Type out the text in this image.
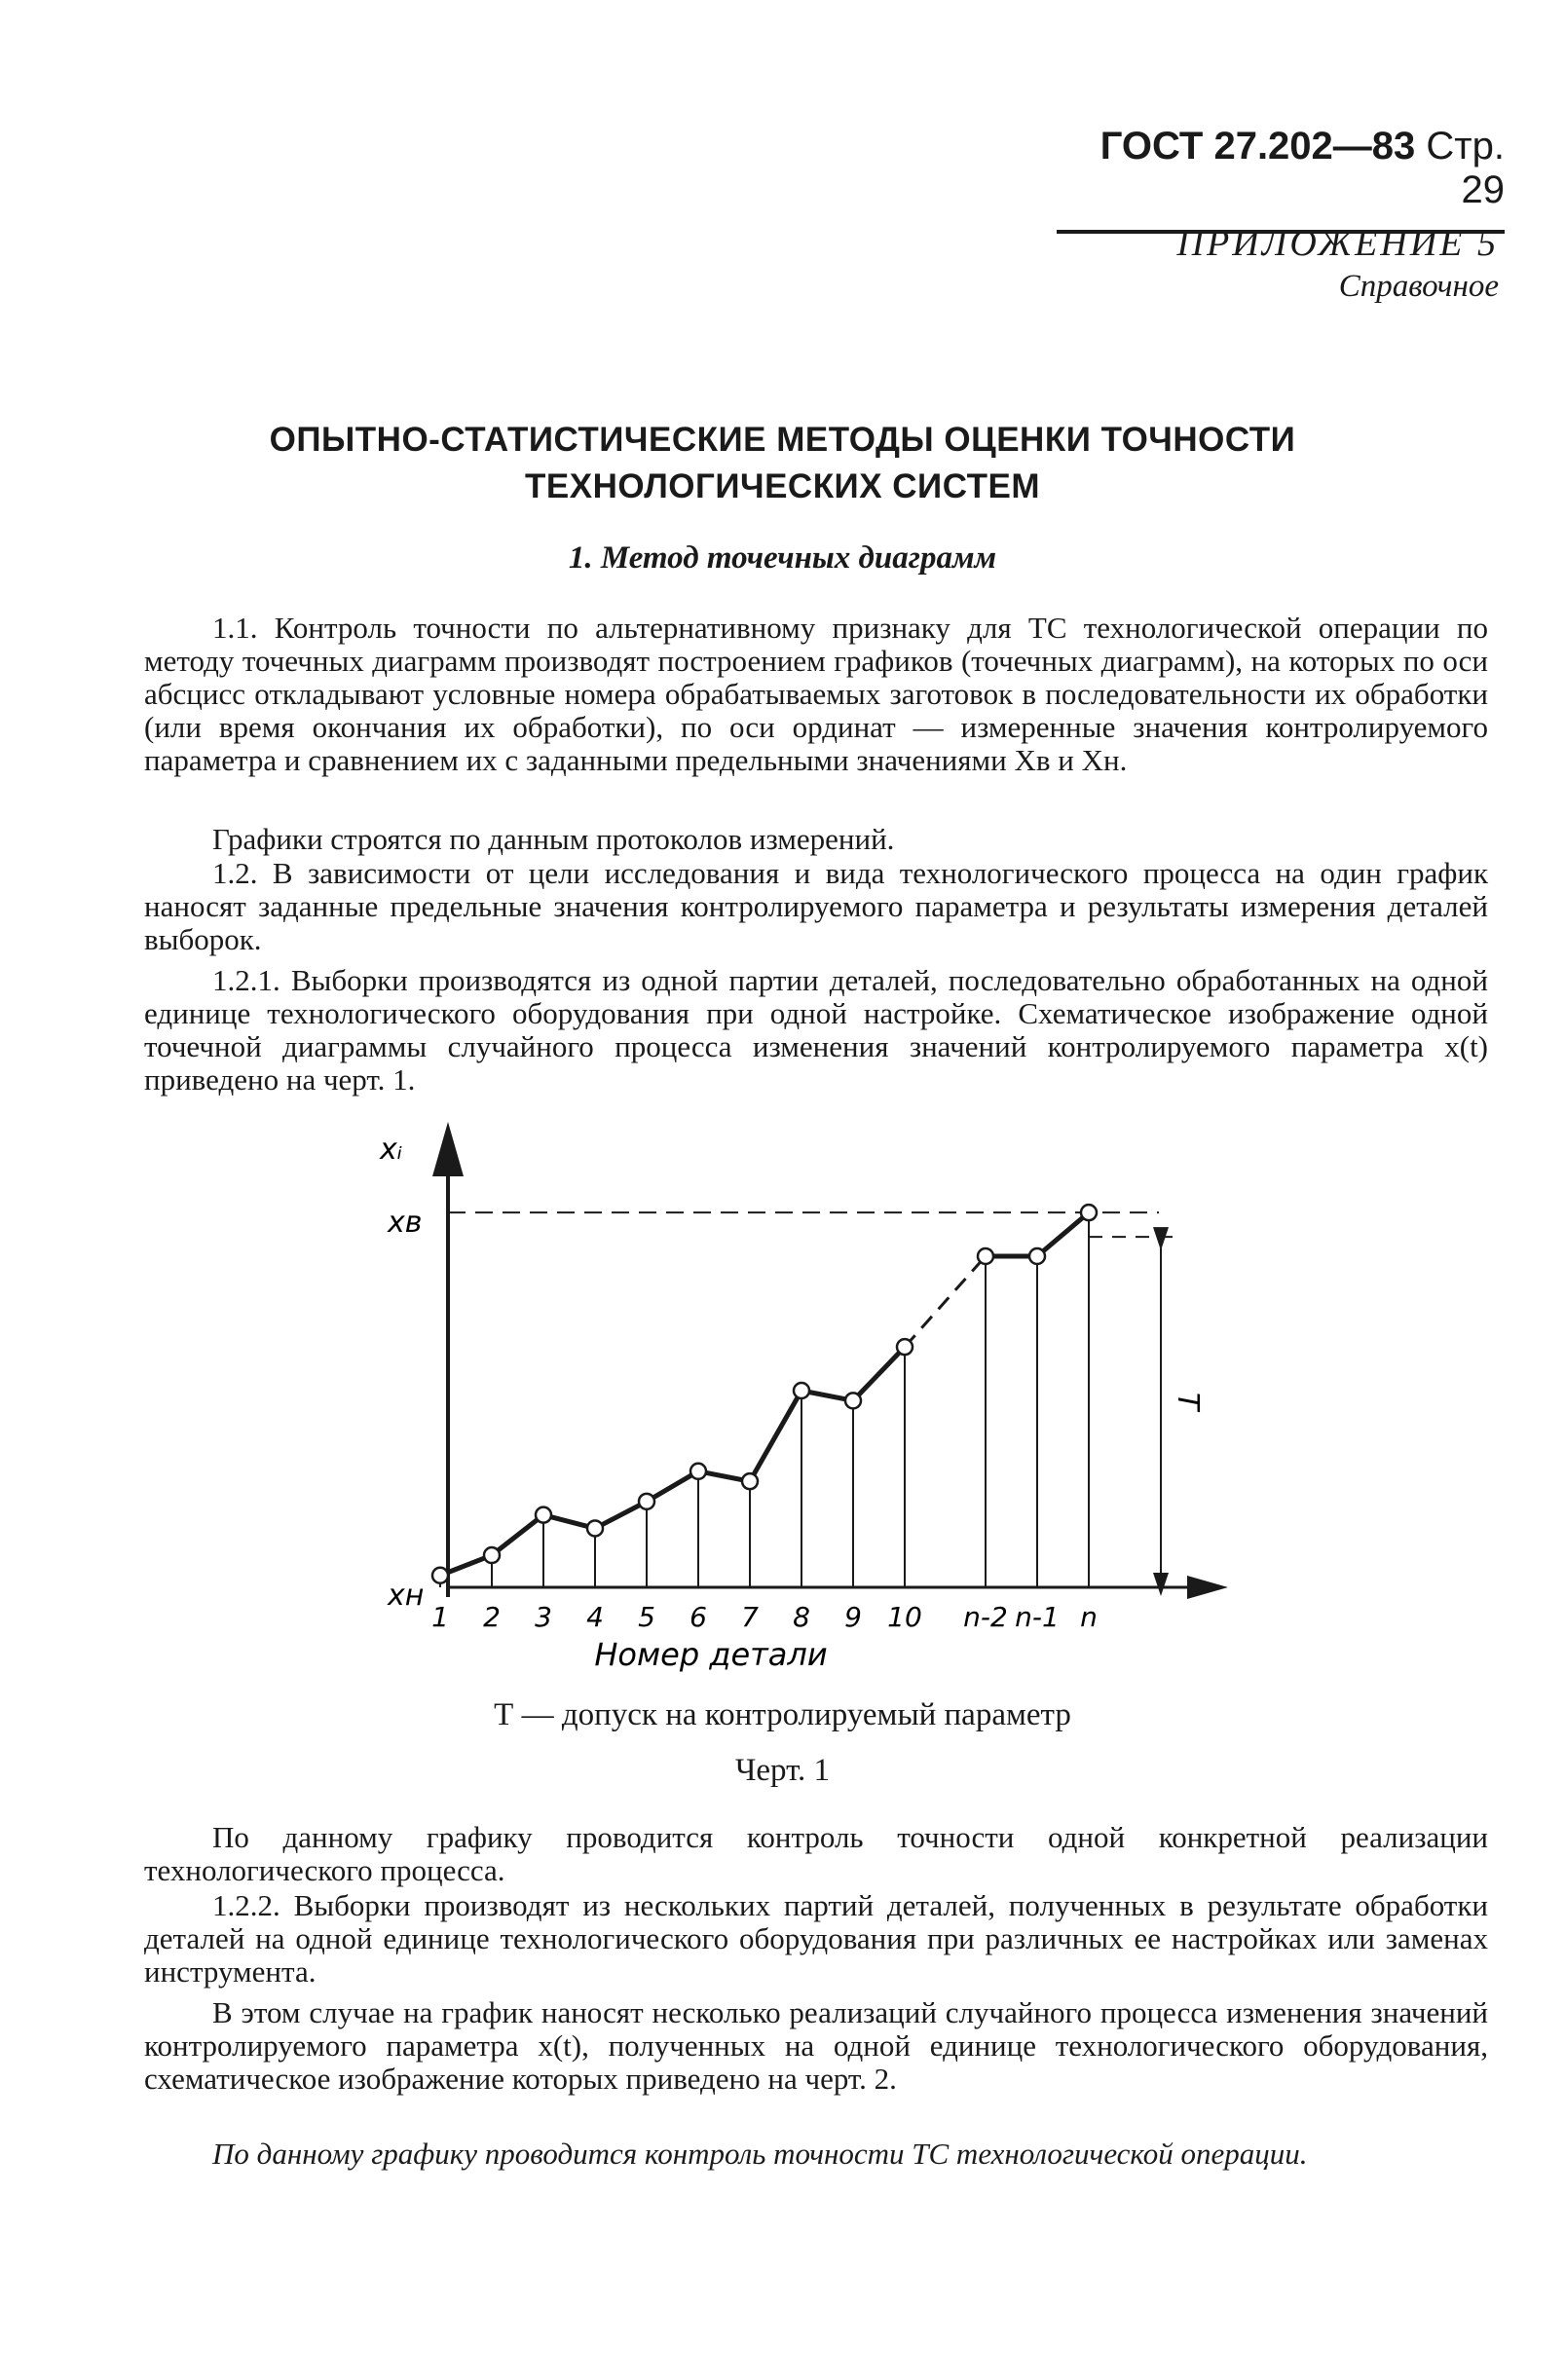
ГОСТ 27.202—83 Стр. 29
ПРИЛОЖЕНИЕ 5
Справочное
ОПЫТНО-СТАТИСТИЧЕСКИЕ МЕТОДЫ ОЦЕНКИ ТОЧНОСТИ
ТЕХНОЛОГИЧЕСКИХ СИСТЕМ
1. Метод точечных диаграмм

1.1. Контроль точности по альтернативному признаку для ТС технологической операции по методу точечных диаграмм производят построением графиков (точечных диаграмм), на которых по оси абсцисс откладывают условные номера обрабатываемых заготовок в последовательности их обработки (или время окончания их обработки), по оси ординат — измеренные значения контролируемого параметра и сравнением их с заданными предельными значениями Xв и Xн.

Графики строятся по данным протоколов измерений.

1.2. В зависимости от цели исследования и вида технологического процесса на один график наносят заданные предельные значения контролируемого параметра и результаты измерения деталей выборок.

1.2.1. Выборки производятся из одной партии деталей, последовательно обработанных на одной единице технологического оборудования при одной настройке. Схематическое изображение одной точечной диаграммы случайного процесса изменения значений контролируемого параметра x(t) приведено на черт. 1.

xᵢ
xв
xн
Т
1 2 3 4 5 6 7 8 9 10 n-2 n-1 n
Номер детали
Т — допуск на контролируемый параметр
Черт. 1

По данному графику проводится контроль точности одной конкретной реализации технологического процесса.

1.2.2. Выборки производят из нескольких партий деталей, полученных в результате обработки деталей на одной единице технологического оборудования при различных ее настройках или заменах инструмента.

В этом случае на график наносят несколько реализаций случайного процесса изменения значений контролируемого параметра x(t), полученных на одной единице технологического оборудования, схематическое изображение которых приведено на черт. 2.

По данному графику проводится контроль точности ТС технологической операции.
